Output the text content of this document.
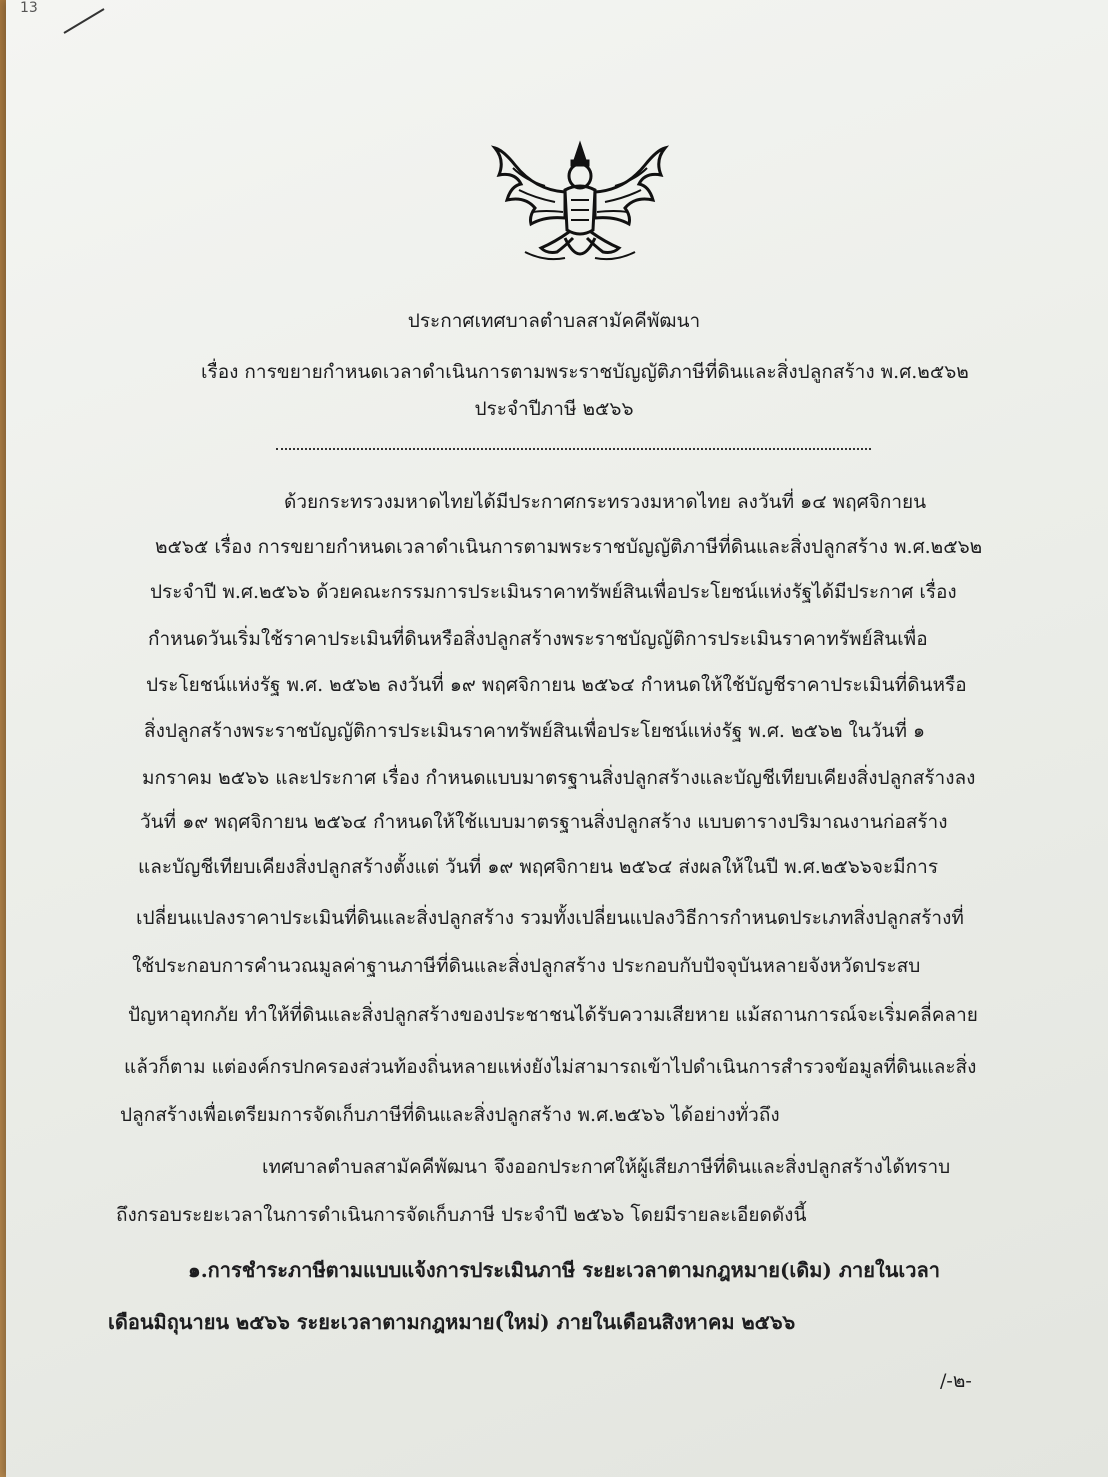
13
ประกาศเทศบาลตำบลสามัคคีพัฒนา
เรื่อง การขยายกำหนดเวลาดำเนินการตามพระราชบัญญัติภาษีที่ดินและสิ่งปลูกสร้าง พ.ศ.๒๕๖๒
ประจำปีภาษี ๒๕๖๖
ด้วยกระทรวงมหาดไทยได้มีประกาศกระทรวงมหาดไทย ลงวันที่ ๑๔ พฤศจิกายน
๒๕๖๕ เรื่อง การขยายกำหนดเวลาดำเนินการตามพระราชบัญญัติภาษีที่ดินและสิ่งปลูกสร้าง พ.ศ.๒๕๖๒
ประจำปี พ.ศ.๒๕๖๖ ด้วยคณะกรรมการประเมินราคาทรัพย์สินเพื่อประโยชน์แห่งรัฐได้มีประกาศ เรื่อง
กำหนดวันเริ่มใช้ราคาประเมินที่ดินหรือสิ่งปลูกสร้างพระราชบัญญัติการประเมินราคาทรัพย์สินเพื่อ
ประโยชน์แห่งรัฐ พ.ศ. ๒๕๖๒ ลงวันที่ ๑๙ พฤศจิกายน ๒๕๖๔ กำหนดให้ใช้บัญชีราคาประเมินที่ดินหรือ
สิ่งปลูกสร้างพระราชบัญญัติการประเมินราคาทรัพย์สินเพื่อประโยชน์แห่งรัฐ พ.ศ. ๒๕๖๒ ในวันที่ ๑
มกราคม ๒๕๖๖ และประกาศ เรื่อง กำหนดแบบมาตรฐานสิ่งปลูกสร้างและบัญชีเทียบเคียงสิ่งปลูกสร้างลง
วันที่ ๑๙ พฤศจิกายน ๒๕๖๔ กำหนดให้ใช้แบบมาตรฐานสิ่งปลูกสร้าง แบบตารางปริมาณงานก่อสร้าง
และบัญชีเทียบเคียงสิ่งปลูกสร้างตั้งแต่ วันที่ ๑๙ พฤศจิกายน ๒๕๖๔ ส่งผลให้ในปี พ.ศ.๒๕๖๖จะมีการ
เปลี่ยนแปลงราคาประเมินที่ดินและสิ่งปลูกสร้าง รวมทั้งเปลี่ยนแปลงวิธีการกำหนดประเภทสิ่งปลูกสร้างที่
ใช้ประกอบการคำนวณมูลค่าฐานภาษีที่ดินและสิ่งปลูกสร้าง ประกอบกับปัจจุบันหลายจังหวัดประสบ
ปัญหาอุทกภัย ทำให้ที่ดินและสิ่งปลูกสร้างของประชาชนได้รับความเสียหาย แม้สถานการณ์จะเริ่มคลี่คลาย
แล้วก็ตาม แต่องค์กรปกครองส่วนท้องถิ่นหลายแห่งยังไม่สามารถเข้าไปดำเนินการสำรวจข้อมูลที่ดินและสิ่ง
ปลูกสร้างเพื่อเตรียมการจัดเก็บภาษีที่ดินและสิ่งปลูกสร้าง พ.ศ.๒๕๖๖ ได้อย่างทั่วถึง
เทศบาลตำบลสามัคคีพัฒนา จึงออกประกาศให้ผู้เสียภาษีที่ดินและสิ่งปลูกสร้างได้ทราบ
ถึงกรอบระยะเวลาในการดำเนินการจัดเก็บภาษี ประจำปี ๒๕๖๖ โดยมีรายละเอียดดังนี้
๑.การชำระภาษีตามแบบแจ้งการประเมินภาษี ระยะเวลาตามกฎหมาย(เดิม) ภายในเวลา
เดือนมิถุนายน ๒๕๖๖ ระยะเวลาตามกฎหมาย(ใหม่) ภายในเดือนสิงหาคม ๒๕๖๖
/-๒-
